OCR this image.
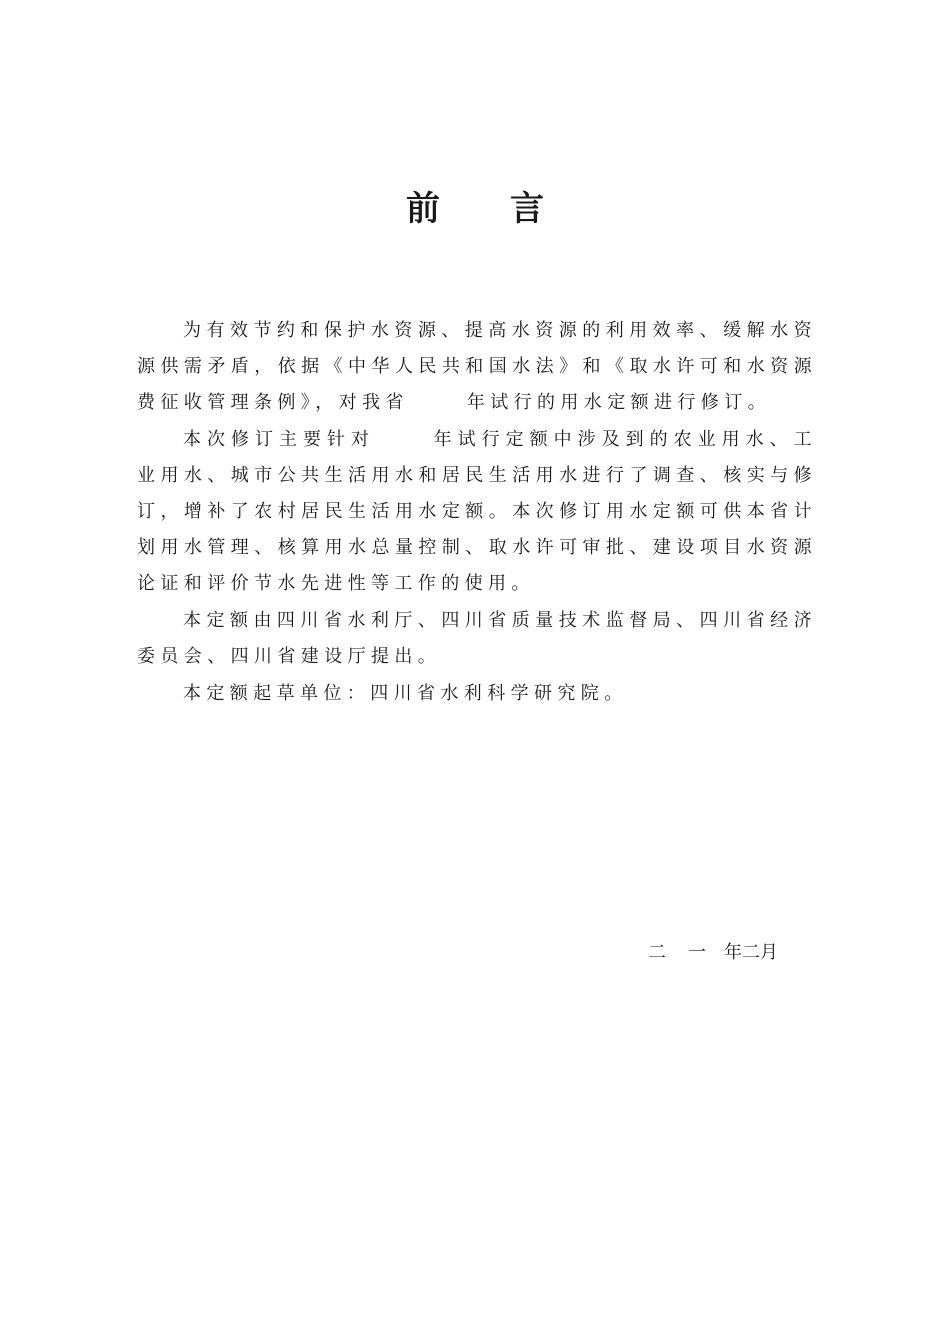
前 言

为有效节约和保护水资源、提高水资源的利用效率、缓解水资源供需矛盾，依据《中华人民共和国水法》和《取水许可和水资源费征收管理条例》，对我省	年试行的用水定额进行修订。

本次修订主要针对	年试行定额中涉及到的农业用水、工业用水、城市公共生活用水和居民生活用水进行了调查、核实与修订，增补了农村居民生活用水定额。本次修订用水定额可供本省计划用水管理、核算用水总量控制、取水许可审批、建设项目水资源论证和评价节水先进性等工作的使用。

本定额由四川省水利厅、四川省质量技术监督局、四川省经济委员会、四川省建设厅提出。

本定额起草单位：四川省水利科学研究院。

二 一 年二月
